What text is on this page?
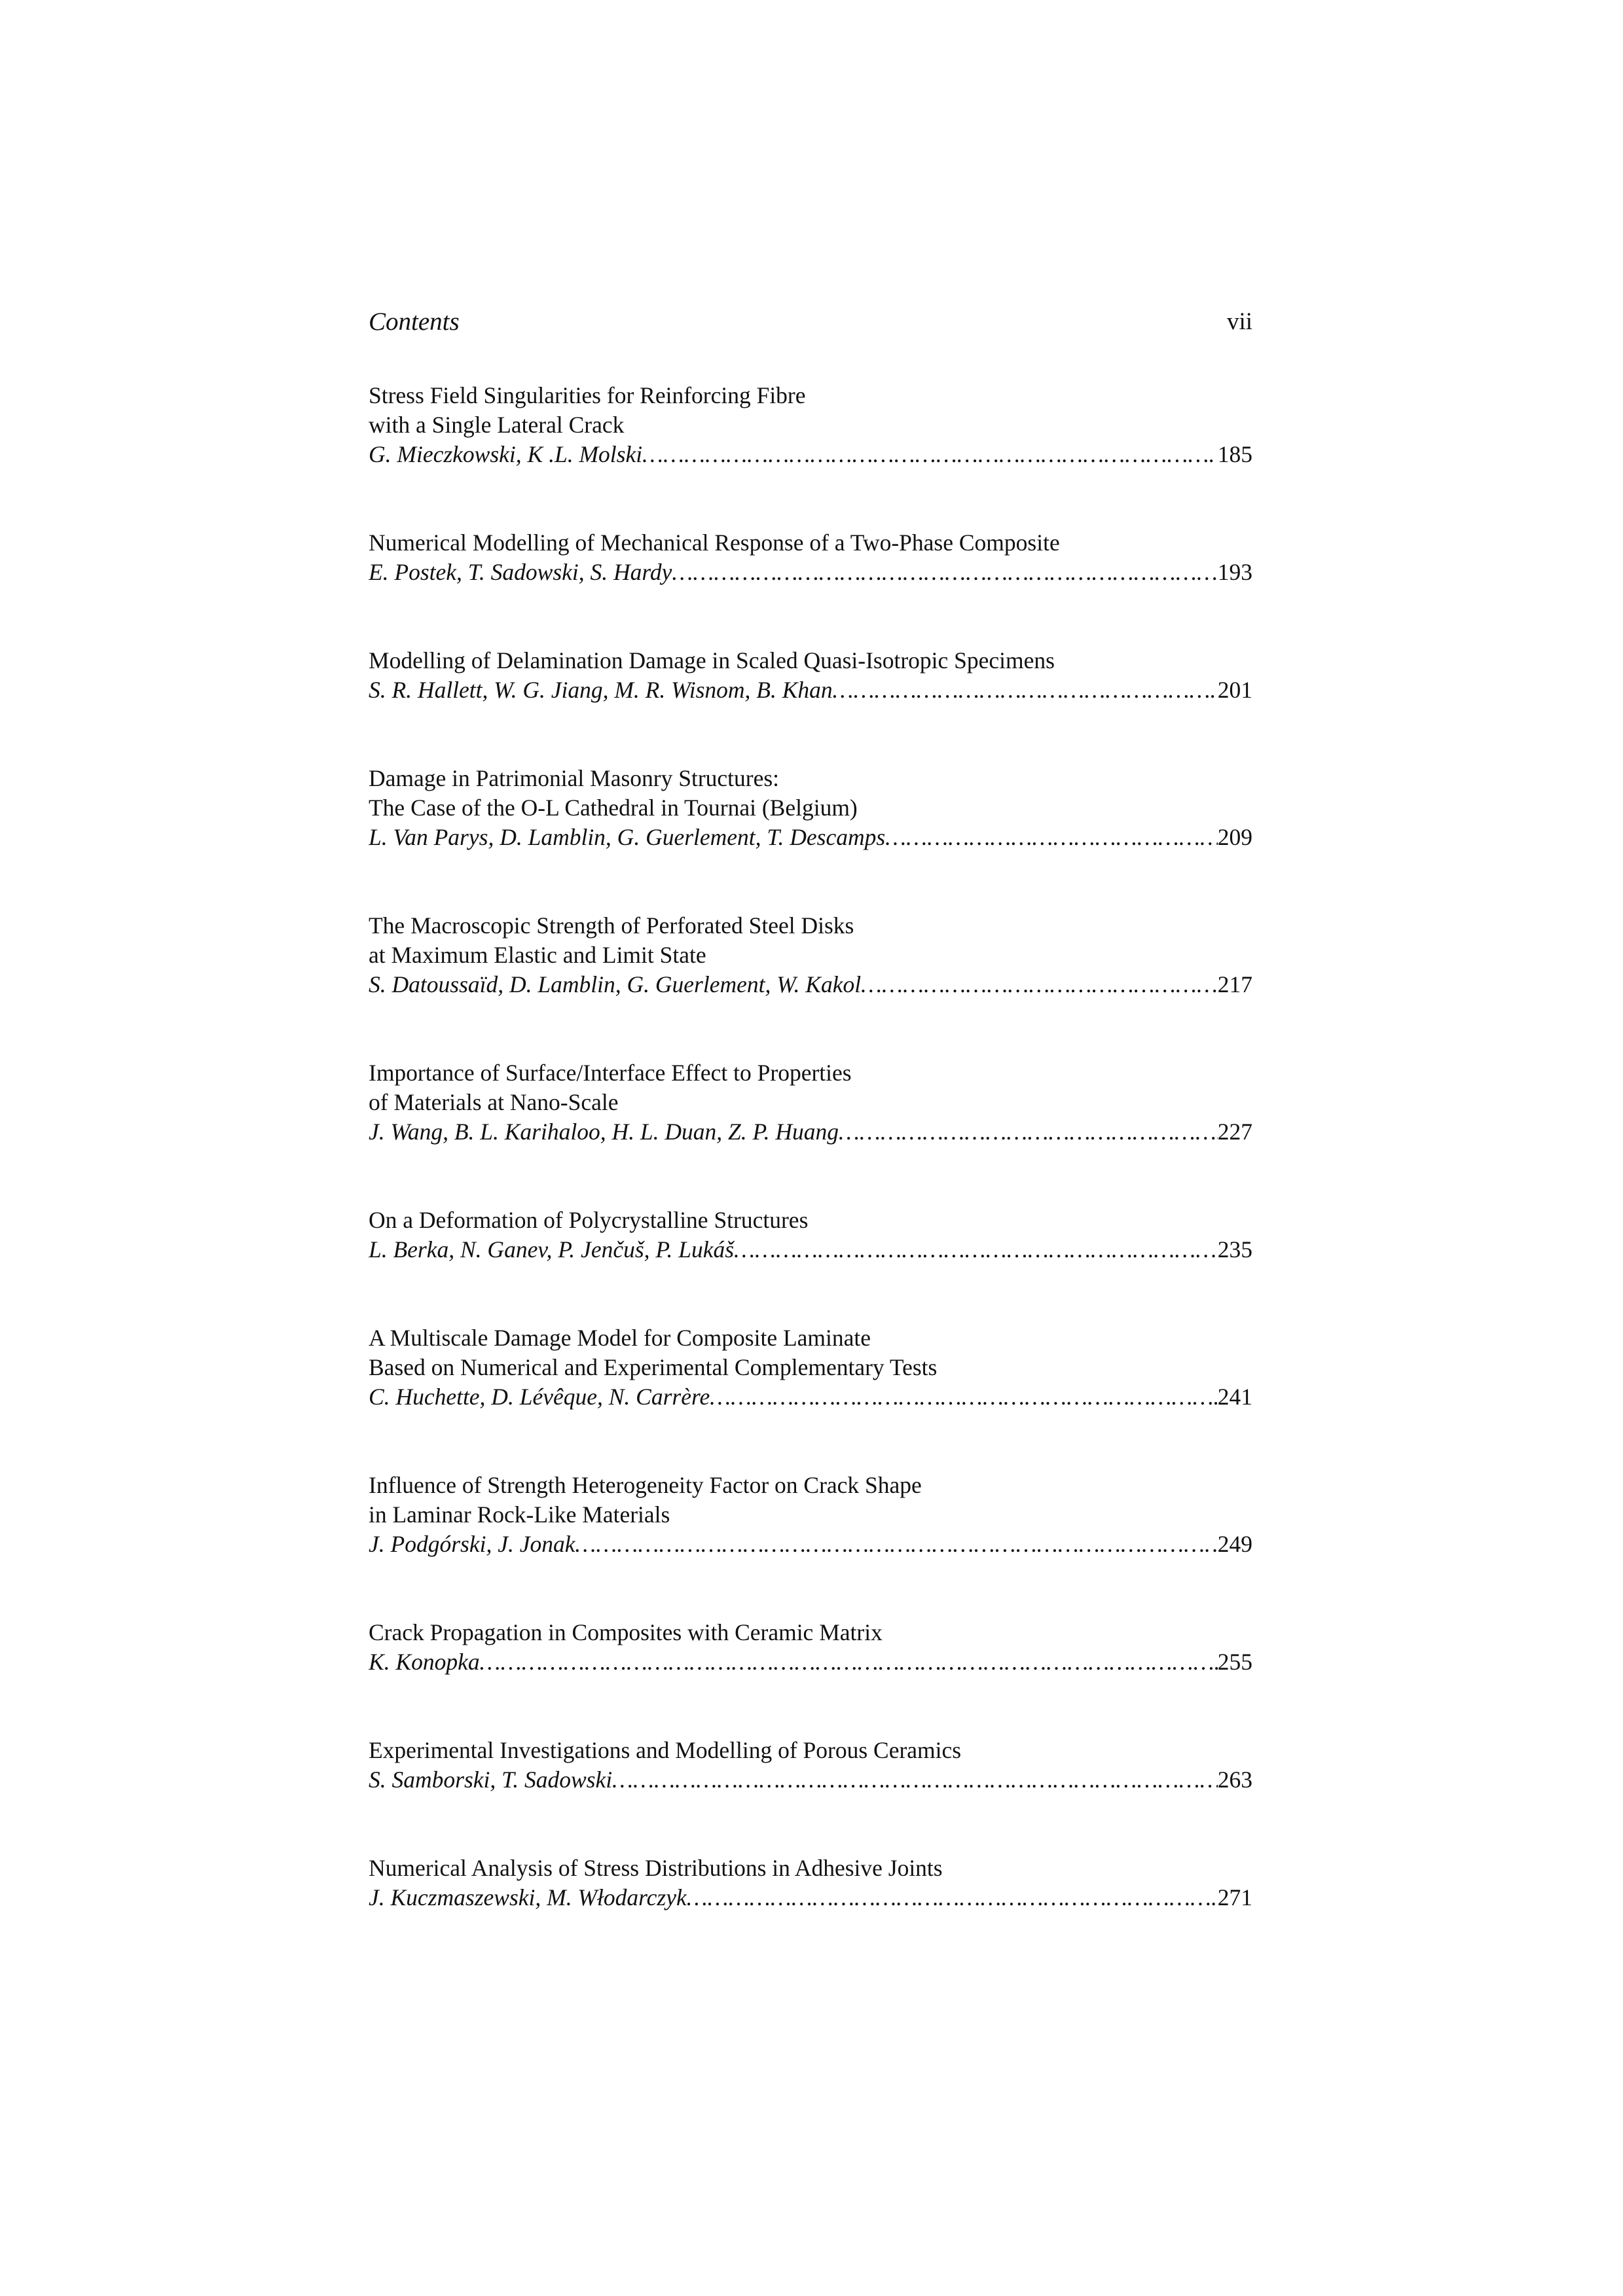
Contents	vii
Stress Field Singularities for Reinforcing Fibre
with a Single Lateral Crack
G. Mieczkowski, K .L. Molski …………………………………………………………………………………………………………………………………………………………	185
Numerical Modelling of Mechanical Response of a Two-Phase Composite
E. Postek, T. Sadowski, S. Hardy …………………………………………………………………………………………………………………………………………………………	193
Modelling of Delamination Damage in Scaled Quasi-Isotropic Specimens
S. R. Hallett, W. G. Jiang, M. R. Wisnom, B. Khan …………………………………………………………………………………………………………………………………………………………	201
Damage in Patrimonial Masonry Structures:
The Case of the O-L Cathedral in Tournai (Belgium)
L. Van Parys, D. Lamblin, G. Guerlement, T. Descamps …………………………………………………………………………………………………………………………………………………………	209
The Macroscopic Strength of Perforated Steel Disks
at Maximum Elastic and Limit State
S. Datoussaïd, D. Lamblin, G. Guerlement, W. Kakol …………………………………………………………………………………………………………………………………………………………	217
Importance of Surface/Interface Effect to Properties
of Materials at Nano-Scale
J. Wang, B. L. Karihaloo, H. L. Duan, Z. P. Huang …………………………………………………………………………………………………………………………………………………………	227
On a Deformation of Polycrystalline Structures
L. Berka, N. Ganev, P. Jenčuš, P. Lukáš …………………………………………………………………………………………………………………………………………………………	235
A Multiscale Damage Model for Composite Laminate
Based on Numerical and Experimental Complementary Tests
C. Huchette, D. Lévêque, N. Carrère …………………………………………………………………………………………………………………………………………………………	241
Influence of Strength Heterogeneity Factor on Crack Shape
in Laminar Rock-Like Materials
J. Podgórski, J. Jonak …………………………………………………………………………………………………………………………………………………………	249
Crack Propagation in Composites with Ceramic Matrix
K. Konopka …………………………………………………………………………………………………………………………………………………………	255
Experimental Investigations and Modelling of Porous Ceramics
S. Samborski, T. Sadowski …………………………………………………………………………………………………………………………………………………………	263
Numerical Analysis of Stress Distributions in Adhesive Joints
J. Kuczmaszewski, M. Włodarczyk …………………………………………………………………………………………………………………………………………………………	271
